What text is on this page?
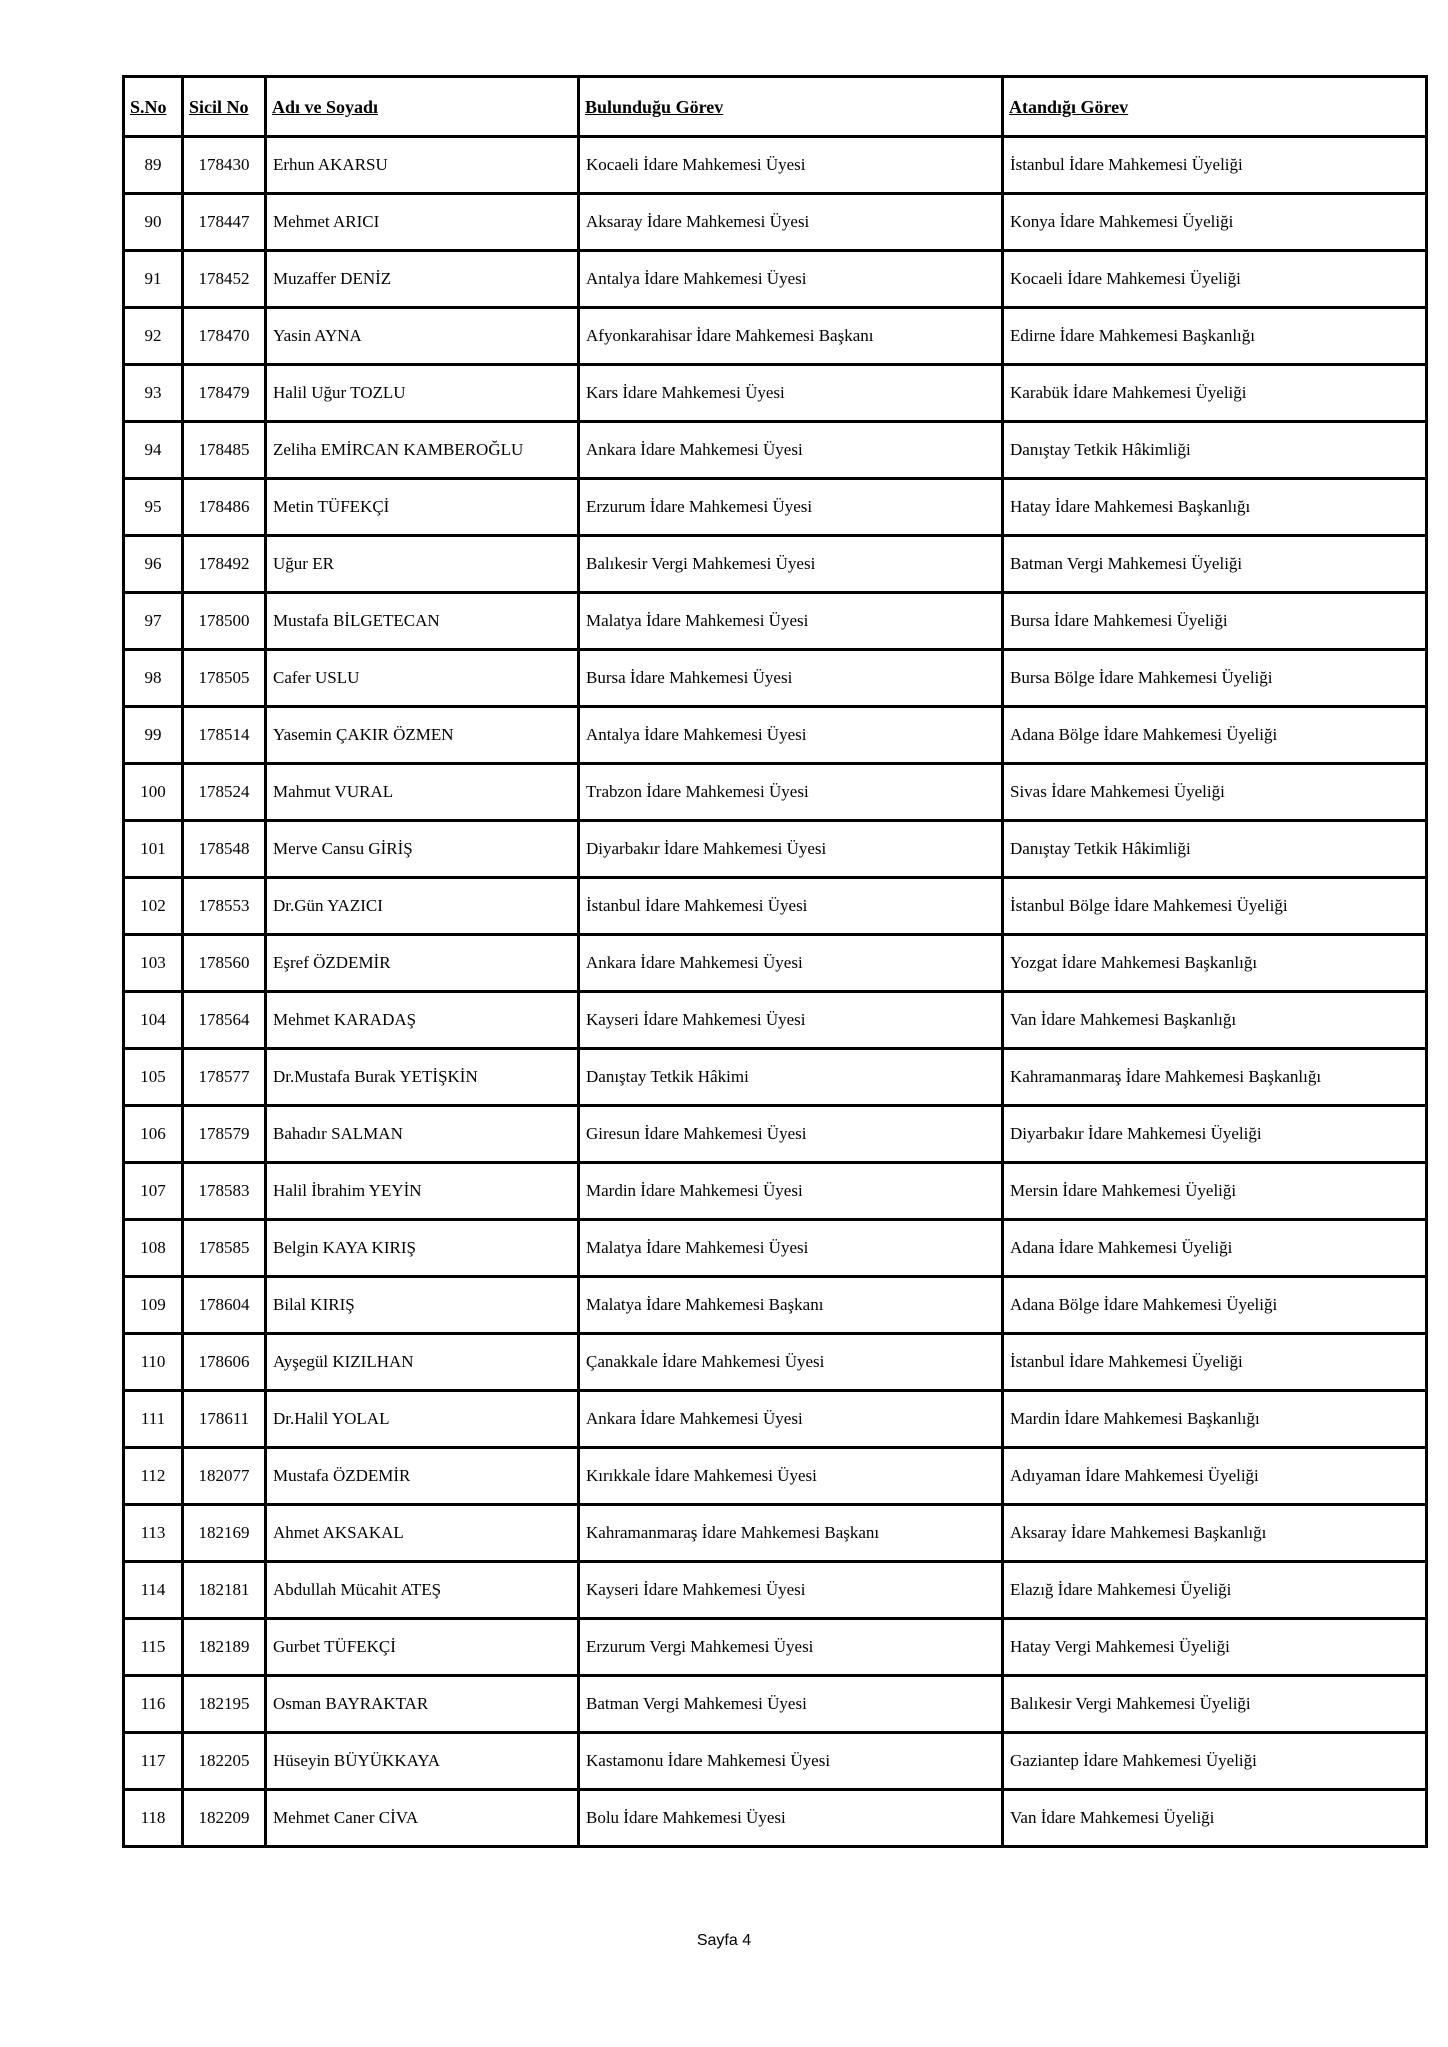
S.No	Sicil No	Adı ve Soyadı	Bulunduğu Görev	Atandığı Görev
89	178430	Erhun AKARSU	Kocaeli İdare Mahkemesi Üyesi	İstanbul İdare Mahkemesi Üyeliği
90	178447	Mehmet ARICI	Aksaray İdare Mahkemesi Üyesi	Konya İdare Mahkemesi Üyeliği
91	178452	Muzaffer DENİZ	Antalya İdare Mahkemesi Üyesi	Kocaeli İdare Mahkemesi Üyeliği
92	178470	Yasin AYNA	Afyonkarahisar İdare Mahkemesi Başkanı	Edirne İdare Mahkemesi Başkanlığı
93	178479	Halil Uğur TOZLU	Kars İdare Mahkemesi Üyesi	Karabük İdare Mahkemesi Üyeliği
94	178485	Zeliha EMİRCAN KAMBEROĞLU	Ankara İdare Mahkemesi Üyesi	Danıştay Tetkik Hâkimliği
95	178486	Metin TÜFEKÇİ	Erzurum İdare Mahkemesi Üyesi	Hatay İdare Mahkemesi Başkanlığı
96	178492	Uğur ER	Balıkesir Vergi Mahkemesi Üyesi	Batman Vergi Mahkemesi Üyeliği
97	178500	Mustafa BİLGETECAN	Malatya İdare Mahkemesi Üyesi	Bursa İdare Mahkemesi Üyeliği
98	178505	Cafer USLU	Bursa İdare Mahkemesi Üyesi	Bursa Bölge İdare Mahkemesi Üyeliği
99	178514	Yasemin ÇAKIR ÖZMEN	Antalya İdare Mahkemesi Üyesi	Adana Bölge İdare Mahkemesi Üyeliği
100	178524	Mahmut VURAL	Trabzon İdare Mahkemesi Üyesi	Sivas İdare Mahkemesi Üyeliği
101	178548	Merve Cansu GİRİŞ	Diyarbakır İdare Mahkemesi Üyesi	Danıştay Tetkik Hâkimliği
102	178553	Dr.Gün YAZICI	İstanbul İdare Mahkemesi Üyesi	İstanbul Bölge İdare Mahkemesi Üyeliği
103	178560	Eşref ÖZDEMİR	Ankara İdare Mahkemesi Üyesi	Yozgat İdare Mahkemesi Başkanlığı
104	178564	Mehmet KARADAŞ	Kayseri İdare Mahkemesi Üyesi	Van İdare Mahkemesi Başkanlığı
105	178577	Dr.Mustafa Burak YETİŞKİN	Danıştay Tetkik Hâkimi	Kahramanmaraş İdare Mahkemesi Başkanlığı
106	178579	Bahadır SALMAN	Giresun İdare Mahkemesi Üyesi	Diyarbakır İdare Mahkemesi Üyeliği
107	178583	Halil İbrahim YEYİN	Mardin İdare Mahkemesi Üyesi	Mersin İdare Mahkemesi Üyeliği
108	178585	Belgin KAYA KIRIŞ	Malatya İdare Mahkemesi Üyesi	Adana İdare Mahkemesi Üyeliği
109	178604	Bilal KIRIŞ	Malatya İdare Mahkemesi Başkanı	Adana Bölge İdare Mahkemesi Üyeliği
110	178606	Ayşegül KIZILHAN	Çanakkale İdare Mahkemesi Üyesi	İstanbul İdare Mahkemesi Üyeliği
111	178611	Dr.Halil YOLAL	Ankara İdare Mahkemesi Üyesi	Mardin İdare Mahkemesi Başkanlığı
112	182077	Mustafa ÖZDEMİR	Kırıkkale İdare Mahkemesi Üyesi	Adıyaman İdare Mahkemesi Üyeliği
113	182169	Ahmet AKSAKAL	Kahramanmaraş İdare Mahkemesi Başkanı	Aksaray İdare Mahkemesi Başkanlığı
114	182181	Abdullah Mücahit ATEŞ	Kayseri İdare Mahkemesi Üyesi	Elazığ İdare Mahkemesi Üyeliği
115	182189	Gurbet TÜFEKÇİ	Erzurum Vergi Mahkemesi Üyesi	Hatay Vergi Mahkemesi Üyeliği
116	182195	Osman BAYRAKTAR	Batman Vergi Mahkemesi Üyesi	Balıkesir Vergi Mahkemesi Üyeliği
117	182205	Hüseyin BÜYÜKKAYA	Kastamonu İdare Mahkemesi Üyesi	Gaziantep İdare Mahkemesi Üyeliği
118	182209	Mehmet Caner CİVA	Bolu İdare Mahkemesi Üyesi	Van İdare Mahkemesi Üyeliği
Sayfa 4
